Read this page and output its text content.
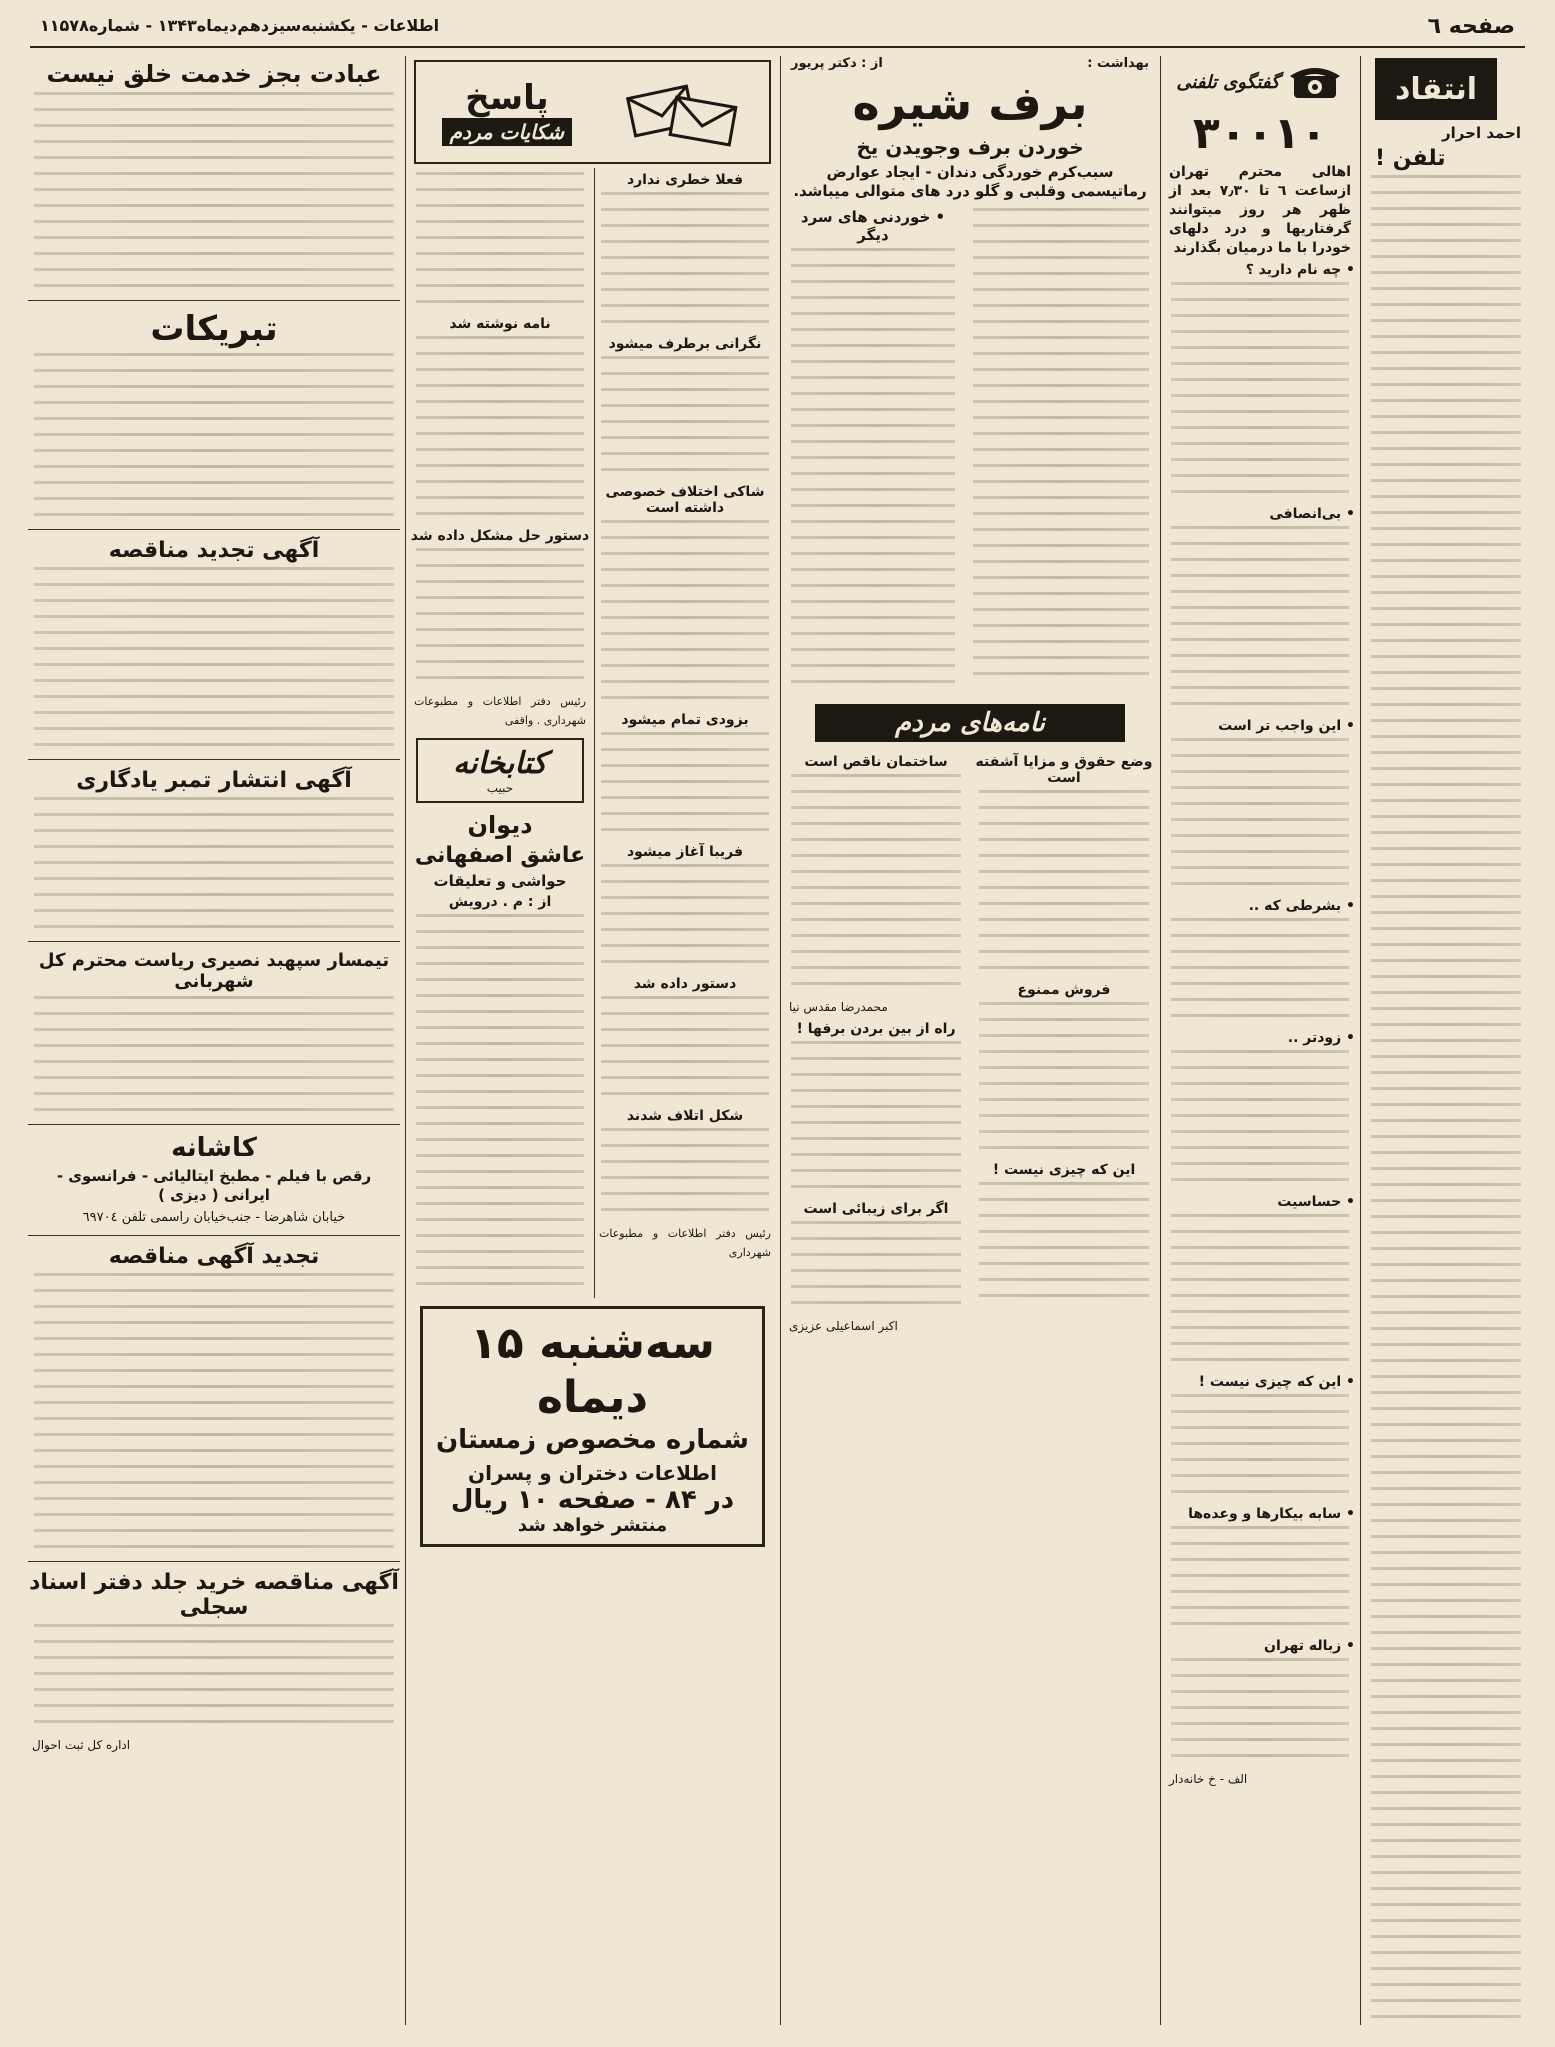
صفحه ٦
اطلاعات - یکشنبه‌سیزدهم‌دیماه۱۳۴۳ - شماره۱۱۵۷۸
انتقاد
احمد احرار
تلفن !
گفتگوی تلفنی
۳۰۰۱۰
اهالی محترم تهران ازساعت ٦ تا ۷٫۳۰ بعد از ظهر هر روز میتوانند گرفتاریها و درد دلهای خودرا با ما درمیان بگذارند
• چه نام دارید ؟
• بی‌انصافی
• این واجب تر است
• بشرطی که ..
• زودتر ..
• حساسیت
• این که چیزی نیست !
• سابه بیکارها و وعده‌ها
• زباله تهران
الف - خ خانه‌دار
بهداشت :
از : دکتر پریور
برف شیره
خوردن برف وجویدن یخ
سبب‌کرم خوردگی دندان - ایجاد عوارض رماتیسمی وقلبی و گلو درد های متوالی میباشد.
• خوردنی های سرد دیگر
نامه‌های مردم
وضع حقوق و مزایا آشفته است
فروش ممنوع
این که چیزی نیست !
ساختمان ناقص است
محمدرضا مقدس نیا
راه از بین بردن برفها !
اگر برای زیبائی است
اکبر اسماعیلی عزیزی
پاسخ
شکایات مردم
فعلا خطری ندارد
نگرانی برطرف میشود
شاکی اختلاف خصوصی داشته است
بزودی تمام میشود
فریبا آغاز میشود
دستور داده شد
شکل اتلاف شدند
رئیس دفتر اطلاعات و مطبوعات شهرداری
نامه نوشته شد
دستور حل مشکل داده شد
رئیس دفتر اطلاعات و مطبوعات شهرداری . واقفی
کتابخانه
حبیب
دیوان
عاشق اصفهانی
حواشی و تعلیقات
از : م . درویش
سه‌شنبه ۱۵ دیماه
شماره مخصوص زمستان
اطلاعات دختران و پسران
در ۸۴ - صفحه ۱۰ ریال
منتشر خواهد شد
عبادت بجز خدمت خلق نیست
تبریکات
آگهی تجدید مناقصه
آگهی انتشار تمبر یادگاری
تیمسار سپهبد نصیری ریاست محترم کل شهربانی
کاشانه
رقص با فیلم - مطبخ ایتالیائی - فرانسوی - ایرانی ( دیزی )
خیابان شاهرضا - جنب‌خیابان راسمی تلفن ٦٩٧٠٤
تجدید آگهی مناقصه
آگهی مناقصه خرید جلد دفتر اسناد سجلی
اداره کل ثبت احوال
